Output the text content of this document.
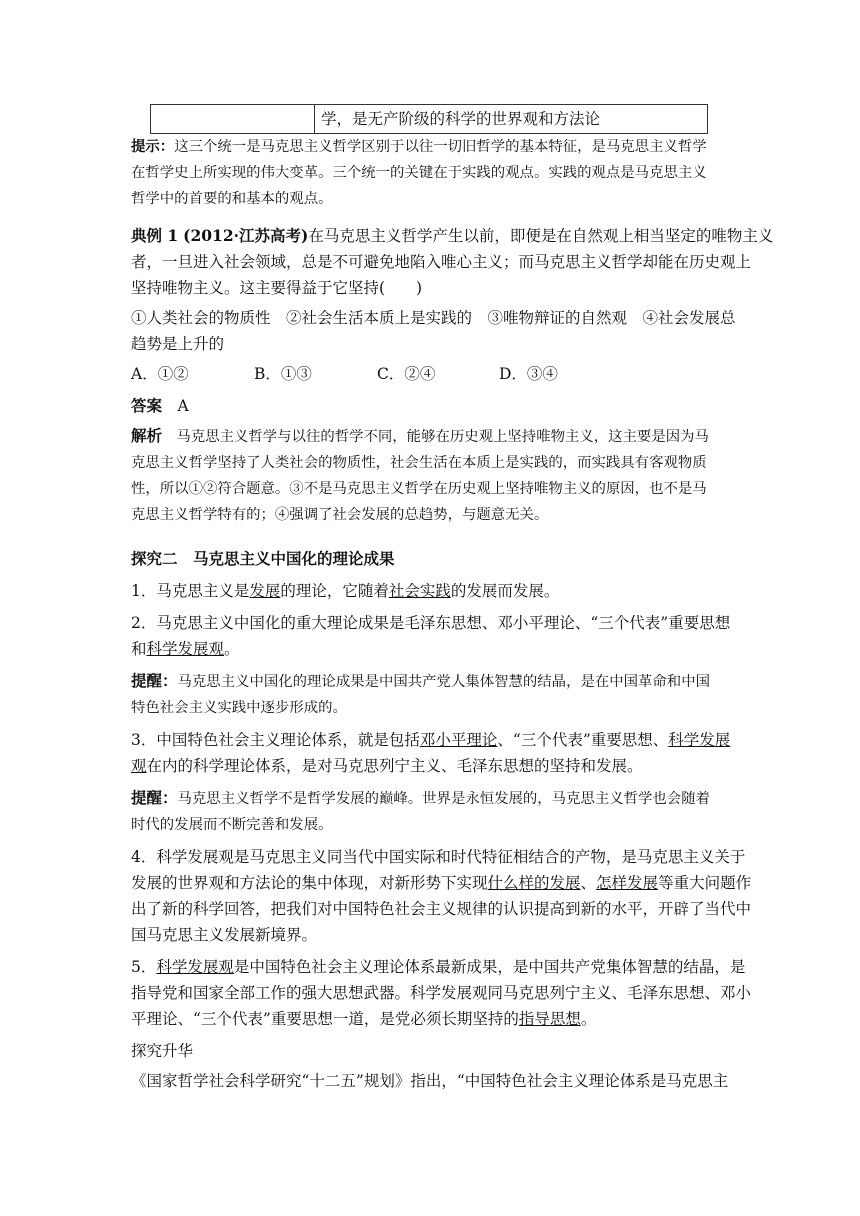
学，是无产阶级的科学的世界观和方法论
提示：这三个统一是马克思主义哲学区别于以往一切旧哲学的基本特征，是马克思主义哲学
在哲学史上所实现的伟大变革。三个统一的关键在于实践的观点。实践的观点是马克思主义
哲学中的首要的和基本的观点。
典例 1 (2012·江苏高考)在马克思主义哲学产生以前，即便是在自然观上相当坚定的唯物主义
者，一旦进入社会领域，总是不可避免地陷入唯心主义；而马克思主义哲学却能在历史观上
坚持唯物主义。这主要得益于它坚持(　　)
①人类社会的物质性　②社会生活本质上是实践的　③唯物辩证的自然观　④社会发展总
趋势是上升的
A．①②	B．①③	C．②④	D．③④
答案　 A
解析　 马克思主义哲学与以往的哲学不同，能够在历史观上坚持唯物主义，这主要是因为马
克思主义哲学坚持了人类社会的物质性，社会生活在本质上是实践的，而实践具有客观物质
性，所以①②符合题意。③不是马克思主义哲学在历史观上坚持唯物主义的原因，也不是马
克思主义哲学特有的；④强调了社会发展的总趋势，与题意无关。
探究二　马克思主义中国化的理论成果
1．马克思主义是发展的理论，它随着社会实践的发展而发展。
2．马克思主义中国化的重大理论成果是毛泽东思想、邓小平理论、“三个代表”重要思想
和科学发展观。
提醒：马克思主义中国化的理论成果是中国共产党人集体智慧的结晶，是在中国革命和中国
特色社会主义实践中逐步形成的。
3．中国特色社会主义理论体系，就是包括邓小平理论、“三个代表”重要思想、科学发展
观在内的科学理论体系，是对马克思列宁主义、毛泽东思想的坚持和发展。
提醒：马克思主义哲学不是哲学发展的巅峰。世界是永恒发展的，马克思主义哲学也会随着
时代的发展而不断完善和发展。
4．科学发展观是马克思主义同当代中国实际和时代特征相结合的产物，是马克思主义关于
发展的世界观和方法论的集中体现，对新形势下实现什么样的发展、怎样发展等重大问题作
出了新的科学回答，把我们对中国特色社会主义规律的认识提高到新的水平，开辟了当代中
国马克思主义发展新境界。
5．科学发展观是中国特色社会主义理论体系最新成果，是中国共产党集体智慧的结晶，是
指导党和国家全部工作的强大思想武器。科学发展观同马克思列宁主义、毛泽东思想、邓小
平理论、“三个代表”重要思想一道，是党必须长期坚持的指导思想。
探究升华
《国家哲学社会科学研究“十二五”规划》指出，“中国特色社会主义理论体系是马克思主
